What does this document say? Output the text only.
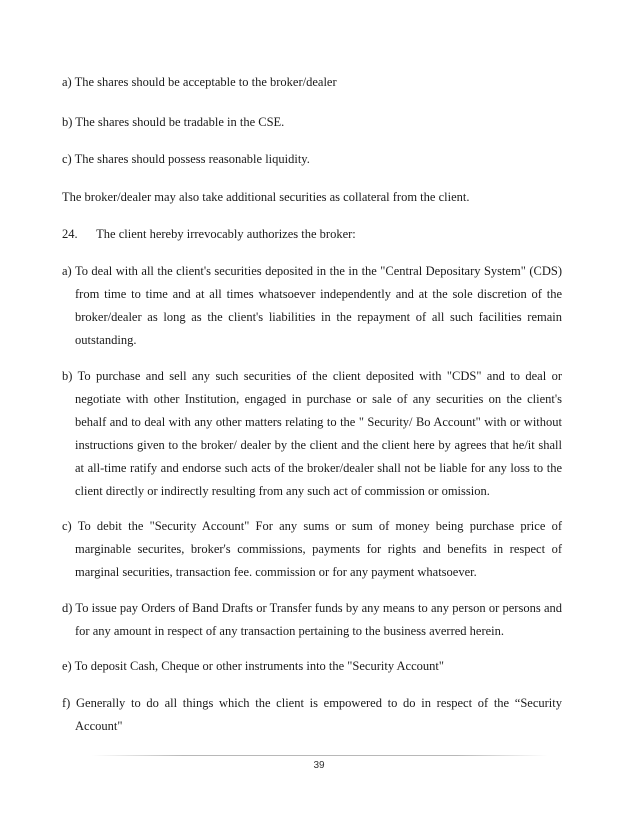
a) The shares should be acceptable to the broker/dealer
b) The shares should be tradable in the CSE.
c) The shares should possess reasonable liquidity.
The broker/dealer may also take additional securities as collateral from the client.
24.      The client hereby irrevocably authorizes the broker:
a) To deal with all the client's securities deposited in the in the "Central Depositary System" (CDS)
from time to time and at all times whatsoever independently and at the sole discretion of the
broker/dealer as long as the client's liabilities in the repayment of all such facilities remain
outstanding.
b) To purchase and sell any such securities of the client deposited with "CDS" and to deal or
negotiate with other Institution, engaged in purchase or sale of any securities on the client's
behalf and to deal with any other matters relating to the " Security/ Bo Account" with or without
instructions given to the broker/ dealer by the client and the client here by agrees that he/it shall
at all-time ratify and endorse such acts of the broker/dealer shall not be liable for any loss to the
client directly or indirectly resulting from any such act of commission or omission.
c) To debit the "Security Account" For any sums or sum of money being purchase price of
marginable securites, broker's commissions, payments for rights and benefits in respect of
marginal securities, transaction fee. commission or for any payment whatsoever.
d) To issue pay Orders of Band Drafts or Transfer funds by any means to any person or persons and
for any amount in respect of any transaction pertaining to the business averred herein.
e) To deposit Cash, Cheque or other instruments into the "Security Account"
f) Generally to do all things which the client is empowered to do in respect of the “Security
Account"
39
